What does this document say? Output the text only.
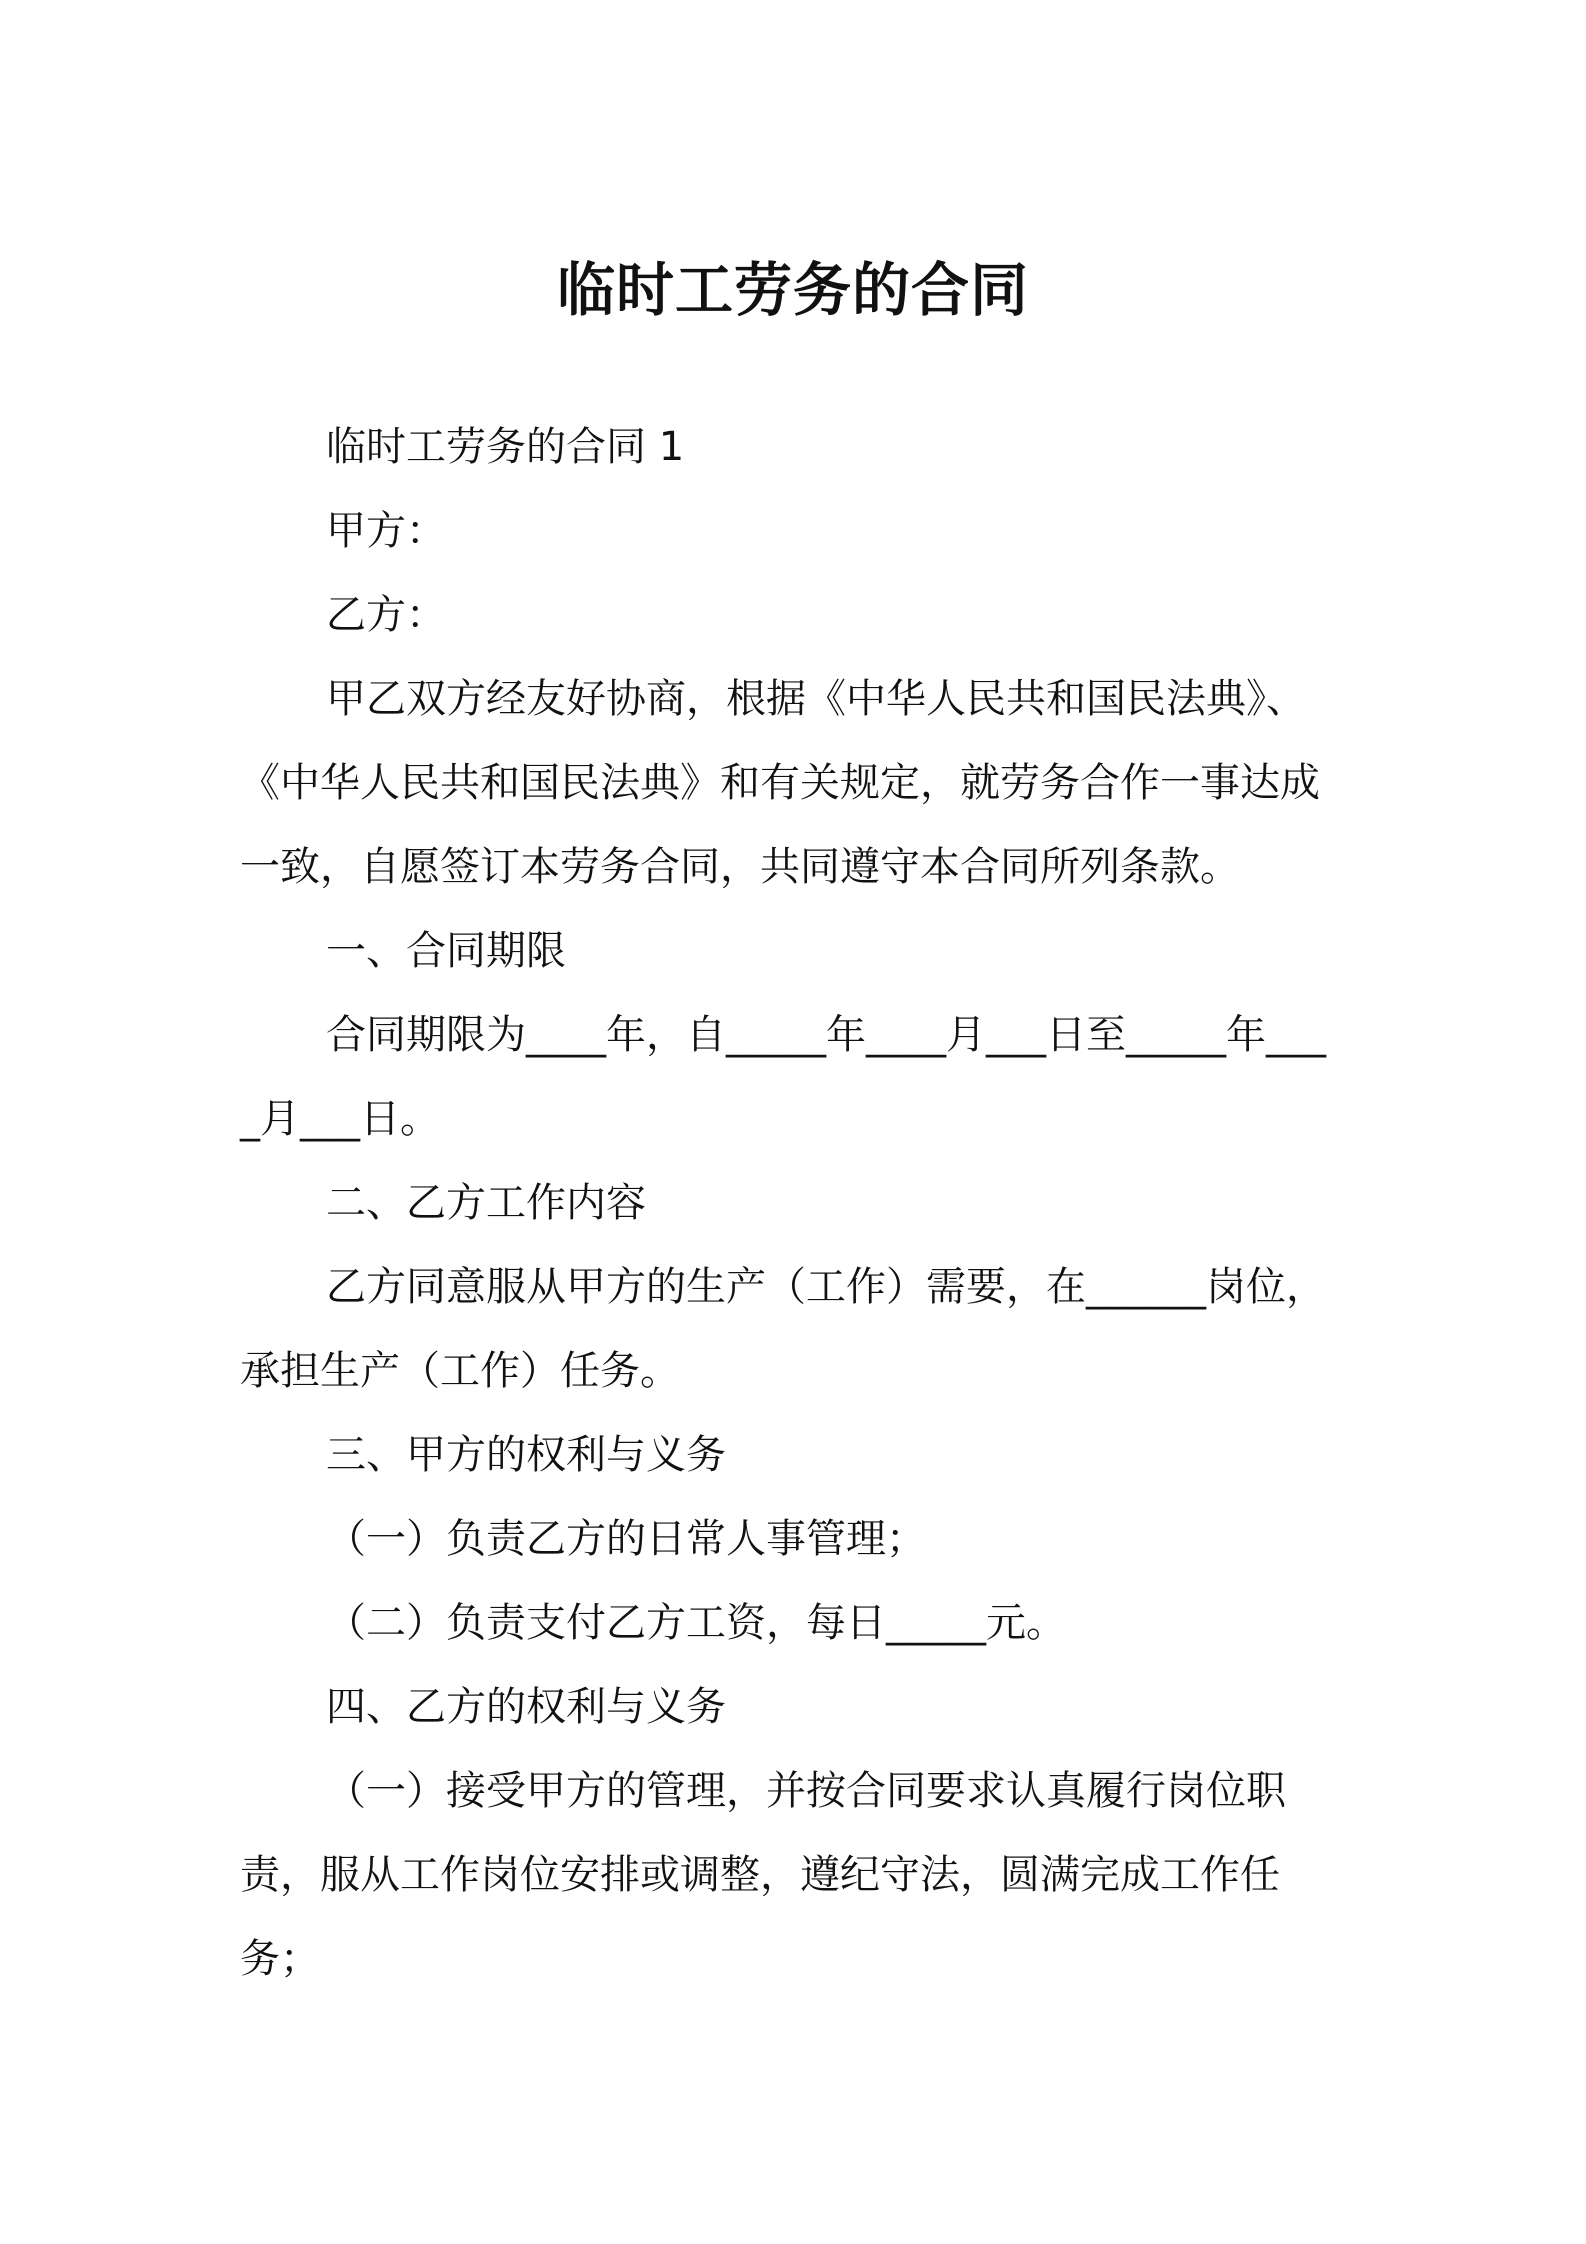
临时工劳务的合同

临时工劳务的合同 1

甲方：

乙方：

甲乙双方经友好协商，根据《中华人民共和国民法典》、《中华人民共和国民法典》和有关规定，就劳务合作一事达成一致，自愿签订本劳务合同，共同遵守本合同所列条款。

一、合同期限

合同期限为____年，自_____年____月___日至_____年____月___日。

二、乙方工作内容

乙方同意服从甲方的生产（工作）需要，在______岗位，承担生产（工作）任务。

三、甲方的权利与义务

（一）负责乙方的日常人事管理；

（二）负责支付乙方工资，每日_____元。

四、乙方的权利与义务

（一）接受甲方的管理，并按合同要求认真履行岗位职责，服从工作岗位安排或调整，遵纪守法，圆满完成工作任务；
